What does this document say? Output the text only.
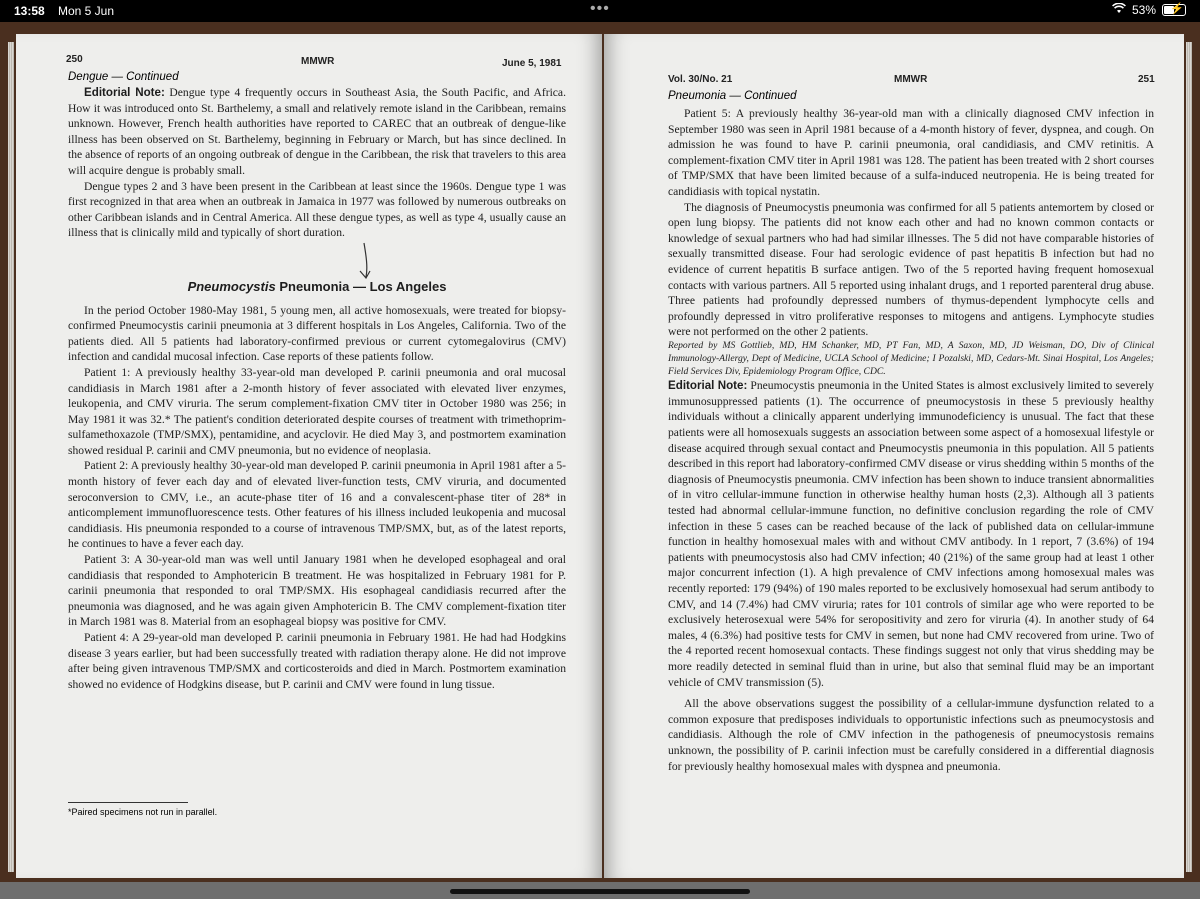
13:58 Mon 5 Jun	•••	53% ⚡
250	MMWR	June 5, 1981
Dengue — Continued

Editorial Note: Dengue type 4 frequently occurs in Southeast Asia, the South Pacific, and Africa. How it was introduced onto St. Barthelemy, a small and relatively remote island in the Caribbean, remains unknown. However, French health authorities have reported to CAREC that an outbreak of dengue-like illness has been observed on St. Barthelemy, beginning in February or March, but has since declined. In the absence of reports of an ongoing outbreak of dengue in the Caribbean, the risk that travelers to this area will acquire dengue is probably small.

Dengue types 2 and 3 have been present in the Caribbean at least since the 1960s. Dengue type 1 was first recognized in that area when an outbreak in Jamaica in 1977 was followed by numerous outbreaks on other Caribbean islands and in Central America. All these dengue types, as well as type 4, usually cause an illness that is clinically mild and typically of short duration.

Pneumocystis Pneumonia — Los Angeles

In the period October 1980-May 1981, 5 young men, all active homosexuals, were treated for biopsy-confirmed Pneumocystis carinii pneumonia at 3 different hospitals in Los Angeles, California. Two of the patients died. All 5 patients had laboratory-confirmed previous or current cytomegalovirus (CMV) infection and candidal mucosal infection. Case reports of these patients follow.

Patient 1: A previously healthy 33-year-old man developed P. carinii pneumonia and oral mucosal candidiasis in March 1981 after a 2-month history of fever associated with elevated liver enzymes, leukopenia, and CMV viruria. The serum complement-fixation CMV titer in October 1980 was 256; in May 1981 it was 32.* The patient's condition deteriorated despite courses of treatment with trimethoprim-sulfamethoxazole (TMP/SMX), pentamidine, and acyclovir. He died May 3, and postmortem examination showed residual P. carinii and CMV pneumonia, but no evidence of neoplasia.

Patient 2: A previously healthy 30-year-old man developed P. carinii pneumonia in April 1981 after a 5-month history of fever each day and of elevated liver-function tests, CMV viruria, and documented seroconversion to CMV, i.e., an acute-phase titer of 16 and a convalescent-phase titer of 28* in anticomplement immunofluorescence tests. Other features of his illness included leukopenia and mucosal candidiasis. His pneumonia responded to a course of intravenous TMP/SMX, but, as of the latest reports, he continues to have a fever each day.

Patient 3: A 30-year-old man was well until January 1981 when he developed esophageal and oral candidiasis that responded to Amphotericin B treatment. He was hospitalized in February 1981 for P. carinii pneumonia that responded to oral TMP/SMX. His esophageal candidiasis recurred after the pneumonia was diagnosed, and he was again given Amphotericin B. The CMV complement-fixation titer in March 1981 was 8. Material from an esophageal biopsy was positive for CMV.

Patient 4: A 29-year-old man developed P. carinii pneumonia in February 1981. He had had Hodgkins disease 3 years earlier, but had been successfully treated with radiation therapy alone. He did not improve after being given intravenous TMP/SMX and corticosteroids and died in March. Postmortem examination showed no evidence of Hodgkins disease, but P. carinii and CMV were found in lung tissue.

*Paired specimens not run in parallel.
Vol. 30/No. 21	MMWR	251
Pneumonia — Continued

Patient 5: A previously healthy 36-year-old man with a clinically diagnosed CMV infection in September 1980 was seen in April 1981 because of a 4-month history of fever, dyspnea, and cough. On admission he was found to have P. carinii pneumonia, oral candidiasis, and CMV retinitis. A complement-fixation CMV titer in April 1981 was 128. The patient has been treated with 2 short courses of TMP/SMX that have been limited because of a sulfa-induced neutropenia. He is being treated for candidiasis with topical nystatin.

The diagnosis of Pneumocystis pneumonia was confirmed for all 5 patients antemortem by closed or open lung biopsy. The patients did not know each other and had no known common contacts or knowledge of sexual partners who had had similar illnesses. The 5 did not have comparable histories of sexually transmitted disease. Four had serologic evidence of past hepatitis B infection but had no evidence of current hepatitis B surface antigen. Two of the 5 reported having frequent homosexual contacts with various partners. All 5 reported using inhalant drugs, and 1 reported parenteral drug abuse. Three patients had profoundly depressed numbers of thymus-dependent lymphocyte cells and profoundly depressed in vitro proliferative responses to mitogens and antigens. Lymphocyte studies were not performed on the other 2 patients.

Reported by MS Gottlieb, MD, HM Schanker, MD, PT Fan, MD, A Saxon, MD, JD Weisman, DO, Div of Clinical Immunology-Allergy, Dept of Medicine, UCLA School of Medicine; I Pozalski, MD, Cedars-Mt. Sinai Hospital, Los Angeles; Field Services Div, Epidemiology Program Office, CDC.

Editorial Note: Pneumocystis pneumonia in the United States is almost exclusively limited to severely immunosuppressed patients (1). The occurrence of pneumocystosis in these 5 previously healthy individuals without a clinically apparent underlying immunodeficiency is unusual. The fact that these patients were all homosexuals suggests an association between some aspect of a homosexual lifestyle or disease acquired through sexual contact and Pneumocystis pneumonia in this population. All 5 patients described in this report had laboratory-confirmed CMV disease or virus shedding within 5 months of the diagnosis of Pneumocystis pneumonia. CMV infection has been shown to induce transient abnormalities of in vitro cellular-immune function in otherwise healthy human hosts (2,3). Although all 3 patients tested had abnormal cellular-immune function, no definitive conclusion regarding the role of CMV infection in these 5 cases can be reached because of the lack of published data on cellular-immune function in healthy homosexual males with and without CMV antibody. In 1 report, 7 (3.6%) of 194 patients with pneumocystosis also had CMV infection; 40 (21%) of the same group had at least 1 other major concurrent infection (1). A high prevalence of CMV infections among homosexual males was recently reported: 179 (94%) of 190 males reported to be exclusively homosexual had serum antibody to CMV, and 14 (7.4%) had CMV viruria; rates for 101 controls of similar age who were reported to be exclusively heterosexual were 54% for seropositivity and zero for viruria (4). In another study of 64 males, 4 (6.3%) had positive tests for CMV in semen, but none had CMV recovered from urine. Two of the 4 reported recent homosexual contacts. These findings suggest not only that virus shedding may be more readily detected in seminal fluid than in urine, but also that seminal fluid may be an important vehicle of CMV transmission (5).

All the above observations suggest the possibility of a cellular-immune dysfunction related to a common exposure that predisposes individuals to opportunistic infections such as pneumocystosis and candidiasis. Although the role of CMV infection in the pathogenesis of pneumocystosis remains unknown, the possibility of P. carinii infection must be carefully considered in a differential diagnosis for previously healthy homosexual males with dyspnea and pneumonia.
